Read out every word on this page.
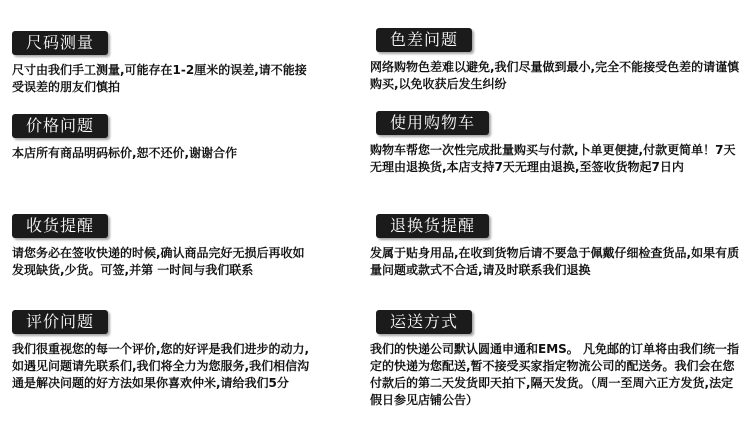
尺码测量
尺寸由我们手工测量,可能存在1-2厘米的误差,请不能接受误差的朋友们慎拍
色差问题
网络购物色差难以避免,我们尽量做到最小,完全不能接受色差的请谨慎购买,以免收获后发生纠纷
价格问题
本店所有商品明码标价,恕不还价,谢谢合作
使用购物车
购物车帮您一次性完成批量购买与付款,卜单更便捷,付款更简单！7天无理由退换货,本店支持7天无理由退换,至签收货物起7日内
收货提醒
请您务必在签收快递的时候,确认商品完好无损后再收如发现缺货,少货。可签,并第 一时间与我们联系
退换货提醒
发属于贴身用品,在收到货物后请不要急于佩戴仔细检查货品,如果有质量问题或款式不合适,请及时联系我们退换
评价问题
我们很重视您的每一个评价,您的好评是我们进步的动力,如遇见问题请先联系们,我们将全力为您服务,我们相信沟通是解决问题的好方法如果你喜欢仲米,请给我们5分
运送方式
我们的快递公司默认圆通申通和EMS。 凡免邮的订单将由我们统一指定的快递为您配送,暂不接受买家指定物流公司的配送务。我们会在您付款后的第二天发货即天拍下,隔天发货。（周一至周六正方发货,法定假日参见店铺公告）
